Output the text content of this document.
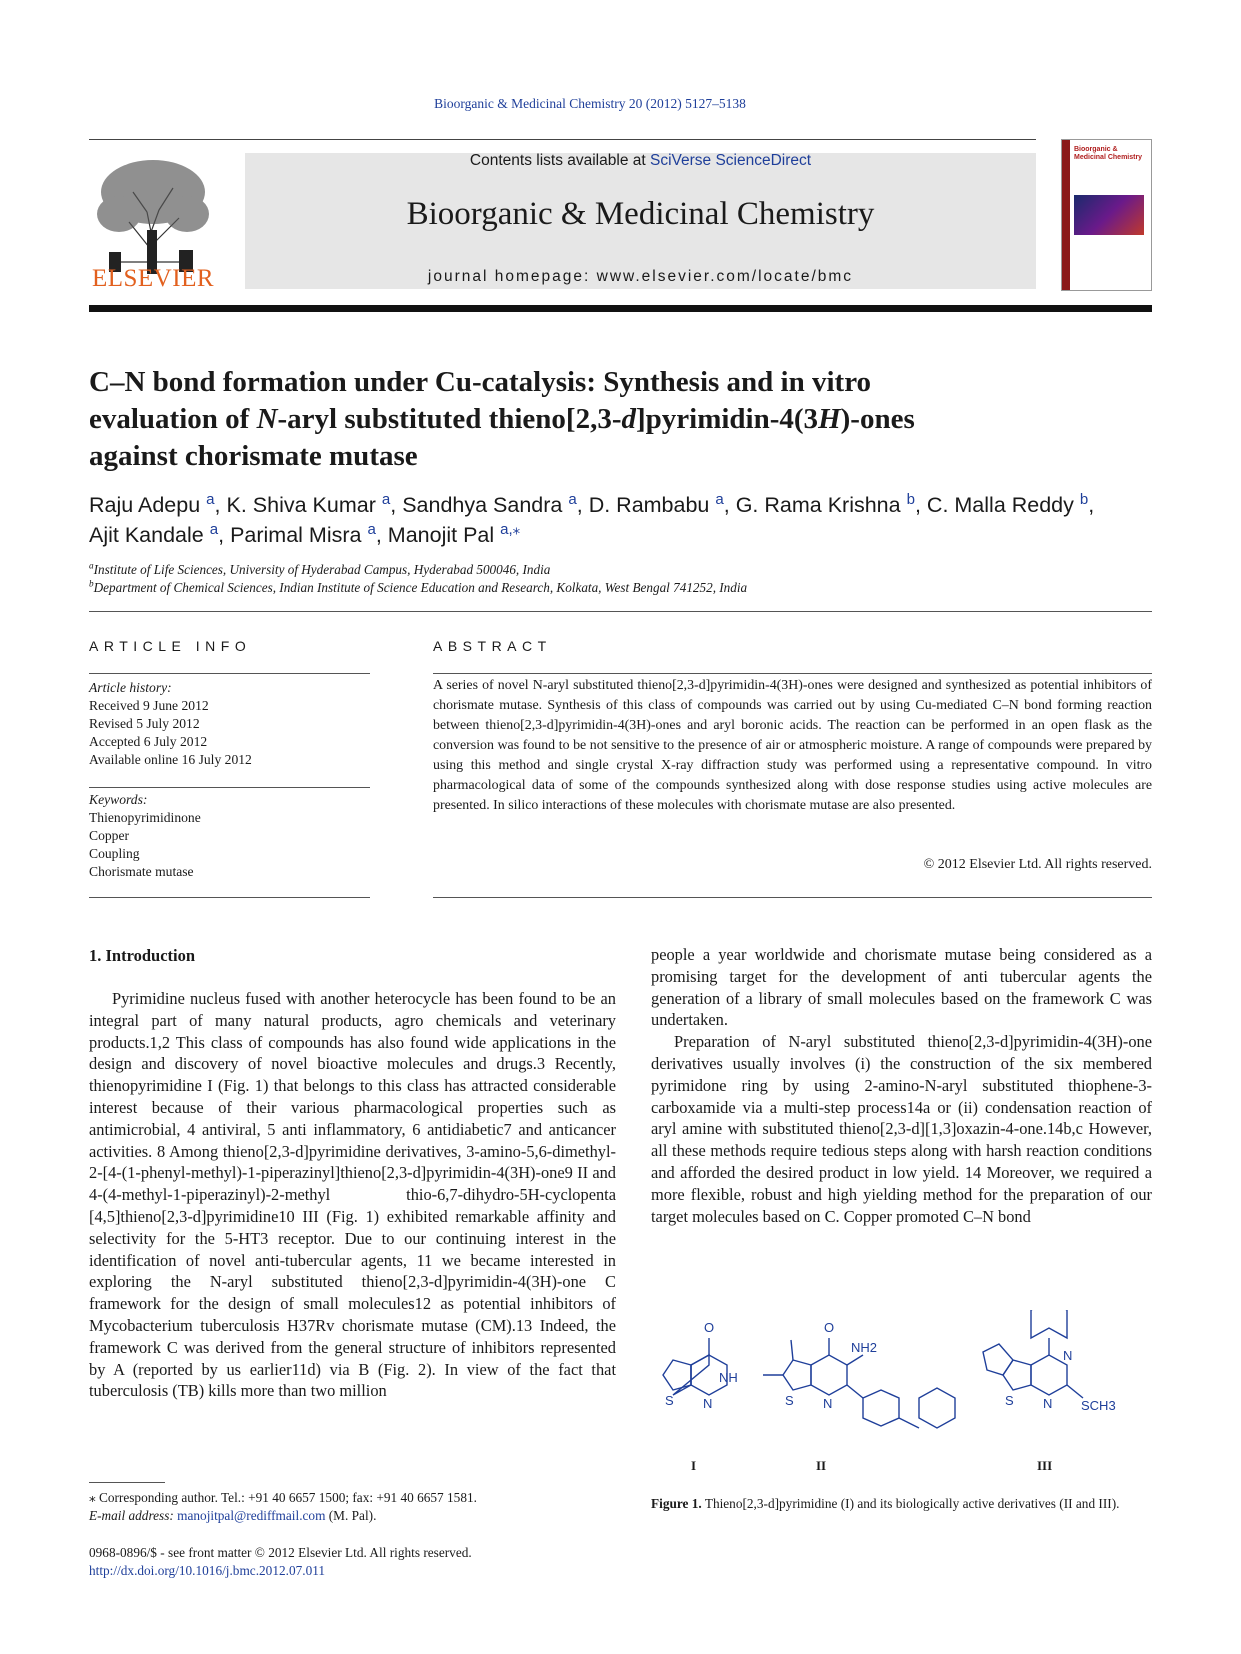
Bioorganic & Medicinal Chemistry 20 (2012) 5127–5138
ELSEVIER
Contents lists available at SciVerse ScienceDirect
Bioorganic & Medicinal Chemistry
journal homepage: www.elsevier.com/locate/bmc
Bioorganic & Medicinal Chemistry
C–N bond formation under Cu-catalysis: Synthesis and in vitro
evaluation of N-aryl substituted thieno[2,3-d]pyrimidin-4(3H)-ones
against chorismate mutase
Raju Adepu $^a$, K. Shiva Kumar $^a$, Sandhya Sandra $^a$, D. Rambabu $^a$, G. Rama Krishna $^b$, C. Malla Reddy $^b$,
Ajit Kandale $^a$, Parimal Misra $^a$, Manojit Pal $^{a,⁎}$
$^a$Institute of Life Sciences, University of Hyderabad Campus, Hyderabad 500046, India
$^b$Department of Chemical Sciences, Indian Institute of Science Education and Research, Kolkata, West Bengal 741252, India
ARTICLE INFO
Article history:
Received 9 June 2012
Revised 5 July 2012
Accepted 6 July 2012
Available online 16 July 2012
Keywords:
Thienopyrimidinone
Copper
Coupling
Chorismate mutase
ABSTRACT
A series of novel N-aryl substituted thieno[2,3-d]pyrimidin-4(3H)-ones were designed and synthesized as potential inhibitors of chorismate mutase. Synthesis of this class of compounds was carried out by using Cu-mediated C–N bond forming reaction between thieno[2,3-d]pyrimidin-4(3H)-ones and aryl boronic acids. The reaction can be performed in an open flask as the conversion was found to be not sensitive to the presence of air or atmospheric moisture. A range of compounds were prepared by using this method and single crystal X-ray diffraction study was performed using a representative compound. In vitro pharmacological data of some of the compounds synthesized along with dose response studies using active molecules are presented. In silico interactions of these molecules with chorismate mutase are also presented.
© 2012 Elsevier Ltd. All rights reserved.
1. Introduction

Pyrimidine nucleus fused with another heterocycle has been found to be an integral part of many natural products, agro chemicals and veterinary products.1,2 This class of compounds has also found wide applications in the design and discovery of novel bioactive molecules and drugs.3 Recently, thienopyrimidine I (Fig. 1) that belongs to this class has attracted considerable interest because of their various pharmacological properties such as antimicrobial, 4 antiviral, 5 anti inflammatory, 6 antidiabetic7 and anticancer activities. 8 Among thieno[2,3-d]pyrimidine derivatives, 3-amino-5,6-dimethyl-2-[4-(1-phenyl-methyl)-1-piperazinyl]thieno[2,3-d]pyrimidin-4(3H)-one9 II and 4-(4-methyl-1-piperazinyl)-2-methyl thio-6,7-dihydro-5H-cyclopenta [4,5]thieno[2,3-d]pyrimidine10 III (Fig. 1) exhibited remarkable affinity and selectivity for the 5-HT3 receptor. Due to our continuing interest in the identification of novel anti-tubercular agents, 11 we became interested in exploring the N-aryl substituted thieno[2,3-d]pyrimidin-4(3H)-one C framework for the design of small molecules12 as potential inhibitors of Mycobacterium tuberculosis H37Rv chorismate mutase (CM).13 Indeed, the framework C was derived from the general structure of inhibitors represented by A (reported by us earlier11d) via B (Fig. 2). In view of the fact that tuberculosis (TB) kills more than two million

people a year worldwide and chorismate mutase being considered as a promising target for the development of anti tubercular agents the generation of a library of small molecules based on the framework C was undertaken.

Preparation of N-aryl substituted thieno[2,3-d]pyrimidin-4(3H)-one derivatives usually involves (i) the construction of the six membered pyrimidone ring by using 2-amino-N-aryl substituted thiophene-3-carboxamide via a multi-step process14a or (ii) condensation reaction of aryl amine with substituted thieno[2,3-d][1,3]oxazin-4-one.14b,c However, all these methods require tedious steps along with harsh reaction conditions and afforded the desired product in low yield. 14 Moreover, we required a more flexible, robust and high yielding method for the preparation of our target molecules based on C. Copper promoted C–N bond

O
NH
N
S
O
NH2
S N	S N
N
SCH3
I	II	III
Figure 1. Thieno[2,3-d]pyrimidine (I) and its biologically active derivatives (II and III).
⁎ Corresponding author. Tel.: +91 40 6657 1500; fax: +91 40 6657 1581.
E-mail address: manojitpal@rediffmail.com (M. Pal).
0968-0896/$ - see front matter © 2012 Elsevier Ltd. All rights reserved.
http://dx.doi.org/10.1016/j.bmc.2012.07.011
